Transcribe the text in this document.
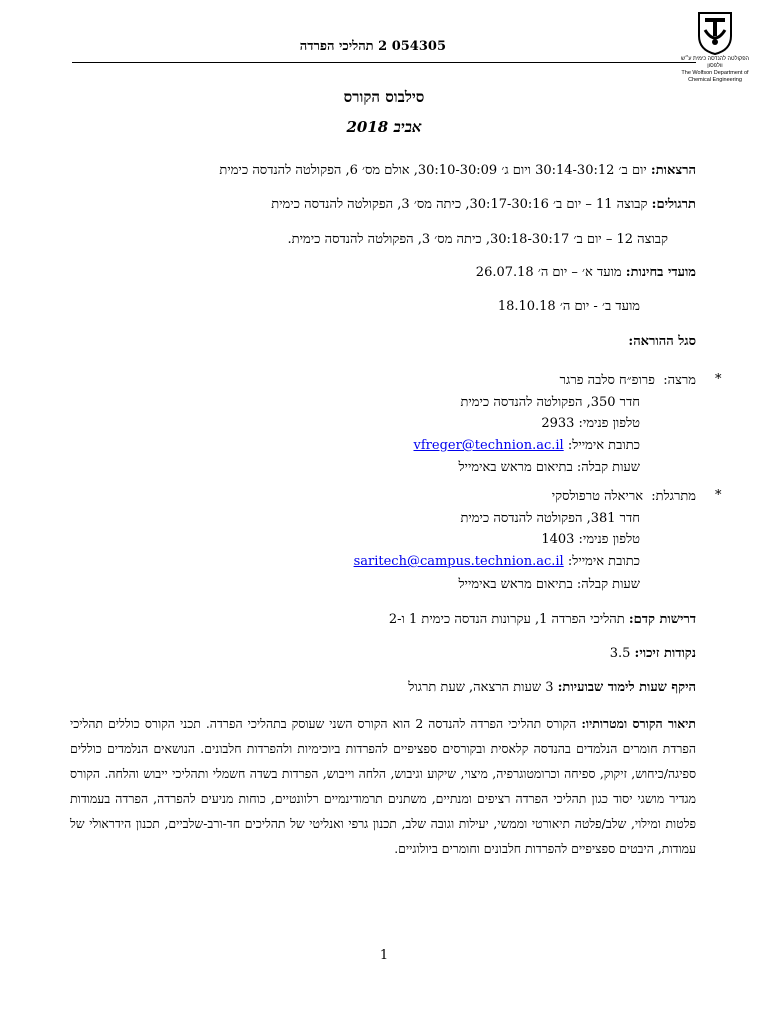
הפקולטה להנדסה כימית ע״ש וולפסון
The Wolfson Department of Chemical Engineering
054305 2 תהליכי הפרדה
סילבוס הקורס
אביב 2018
הרצאות: יום ב׳ 30:14-30:12 ויום ג׳ 30:10-30:09, אולם מס׳ 6, הפקולטה להנדסה כימית
תרגולים: קבוצה 11 – יום ב׳ 30:17-30:16, כיתה מס׳ 3, הפקולטה להנדסה כימית
קבוצה 12 – יום ב׳ 30:18-30:17, כיתה מס׳ 3, הפקולטה להנדסה כימית.
מועדי בחינות: מועד א׳ – יום ה׳ 26.07.18
מועד ב׳ - יום ה׳ 18.10.18
סגל ההוראה:
*
מרצה:  פרופ״ח סלבה פרגר
חדר 350, הפקולטה להנדסה כימית
טלפון פנימי: 2933
כתובת אימייל: vfreger@technion.ac.il
שעות קבלה: בתיאום מראש באימייל
*
מתרגלת:  אריאלה טרפולסקי
חדר 381, הפקולטה להנדסה כימית
טלפון פנימי: 1403
כתובת אימייל: saritech@campus.technion.ac.il
שעות קבלה: בתיאום מראש באימייל
דרישות קדם: תהליכי הפרדה 1, עקרונות הנדסה כימית 1 ו-2
נקודות זיכוי: 3.5
היקף שעות לימוד שבועיות: 3 שעות הרצאה, שעת תרגול
תיאור הקורס ומטרותיו: הקורס תהליכי הפרדה להנדסה 2 הוא הקורס השני שעוסק בתהליכי הפרדה. תכני הקורס כוללים תהליכי הפרדת חומרים הנלמדים בהנדסה קלאסית ובקורסים ספציפיים להפרדות ביוכימיות ולהפרדות חלבונים. הנושאים הנלמדים כוללים ספיגה/כיחוש, זיקוק, ספיחה וכרומטוגרפיה, מיצוי, שיקוע וגיבוש, הלחה וייבוש, הפרדות בשדה חשמלי ותהליכי ייבוש והלחה. הקורס מגדיר מושגי יסוד כגון תהליכי הפרדה רציפים ומנתיים, משתנים תרמודינמיים רלוונטיים, כוחות מניעים להפרדה, הפרדה בעמודות פלטות ומילוי, שלב/פלטה תיאורטי וממשי, יעילות וגובה שלב, תכנון גרפי ואנליטי של תהליכים חד-ורב-שלביים, תכנון הידראולי של עמודות, היבטים ספציפיים להפרדות חלבונים וחומרים ביולוגיים.
1
